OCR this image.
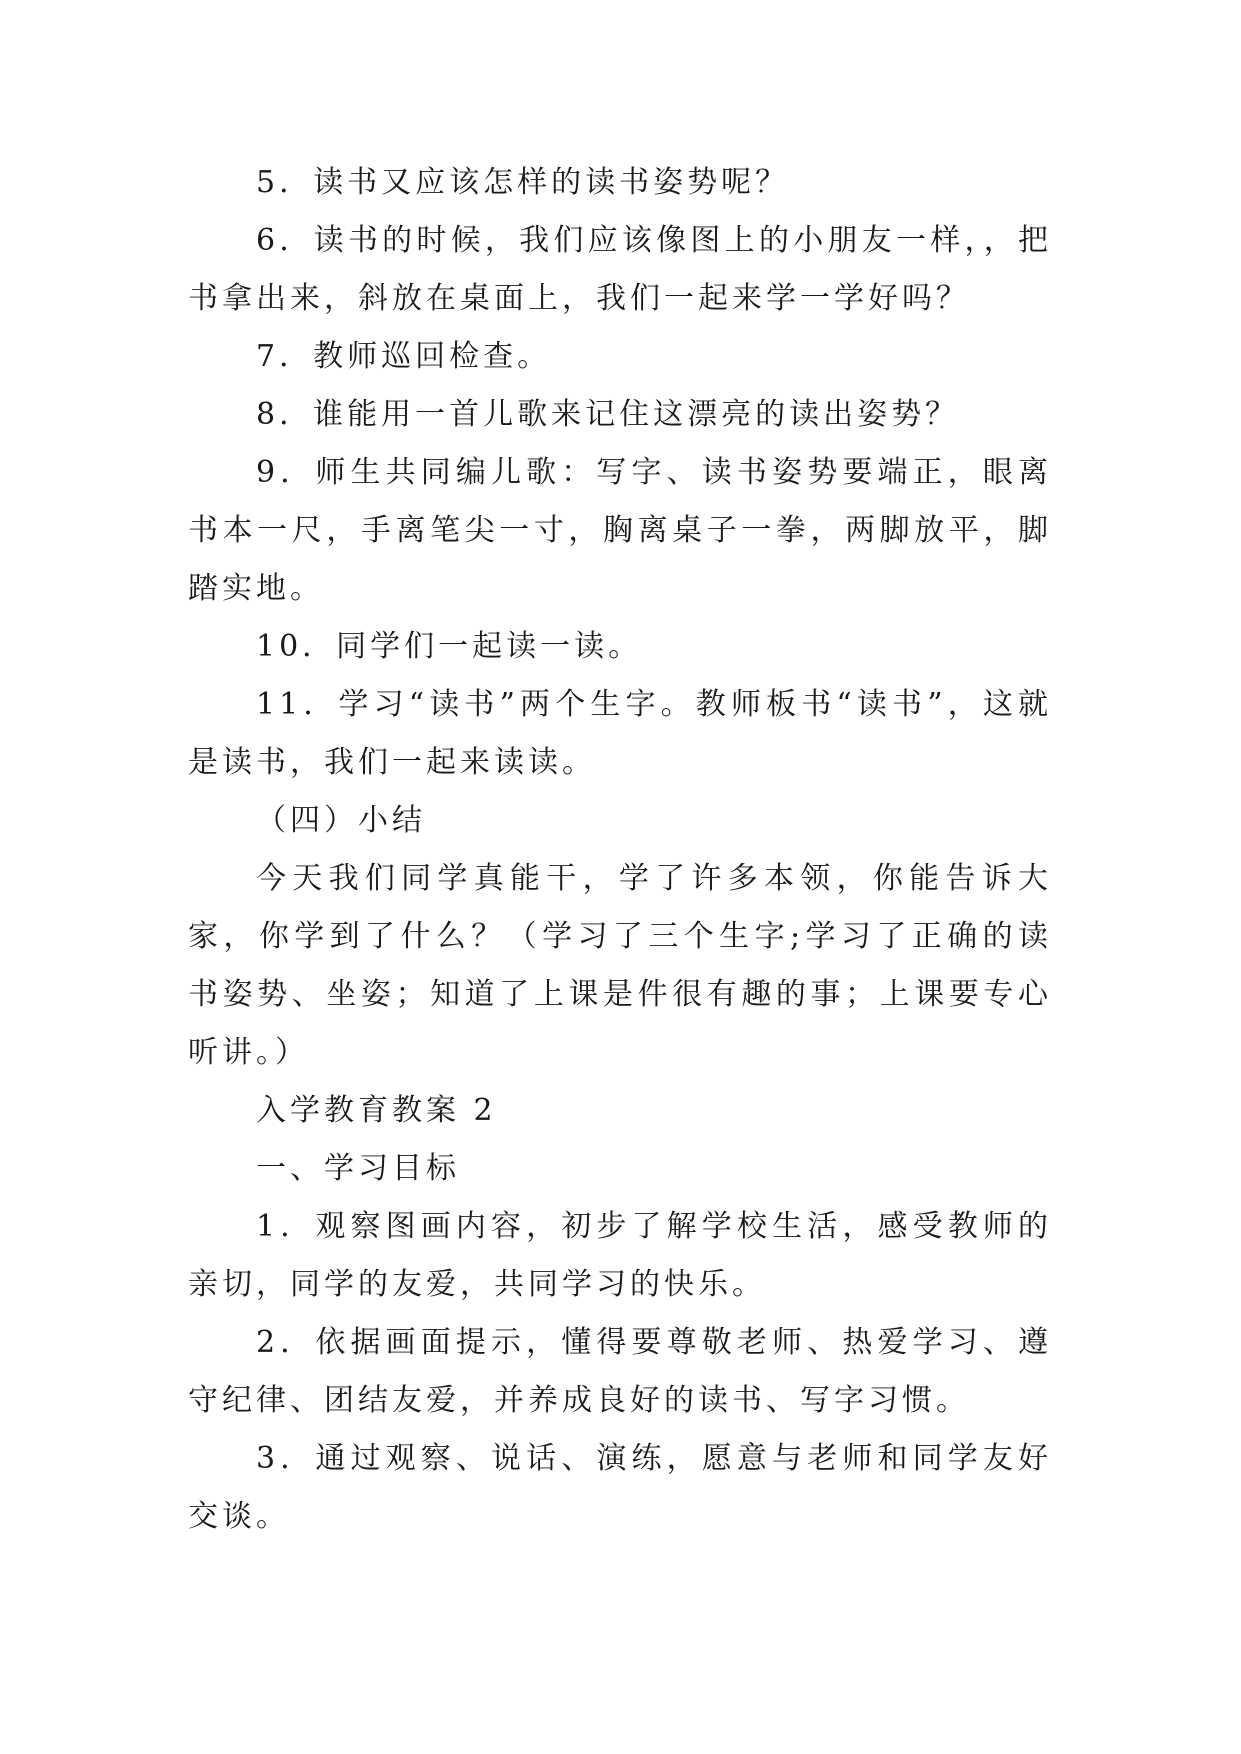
5．读书又应该怎样的读书姿势呢？

6．读书的时候，我们应该像图上的小朋友一样，，把书拿出来，斜放在桌面上，我们一起来学一学好吗？

7．教师巡回检查。

8．谁能用一首儿歌来记住这漂亮的读出姿势？

9．师生共同编儿歌：写字、读书姿势要端正，眼离书本一尺，手离笔尖一寸，胸离桌子一拳，两脚放平，脚踏实地。

10．同学们一起读一读。

11．学习“读书”两个生字。教师板书“读书”，这就是读书，我们一起来读读。

（四）小结

今天我们同学真能干，学了许多本领，你能告诉大家，你学到了什么？（学习了三个生字;学习了正确的读书姿势、坐姿；知道了上课是件很有趣的事；上课要专心听讲。）

入学教育教案 2

一、学习目标

1．观察图画内容，初步了解学校生活，感受教师的亲切，同学的友爱，共同学习的快乐。

2．依据画面提示，懂得要尊敬老师、热爱学习、遵守纪律、团结友爱，并养成良好的读书、写字习惯。

3．通过观察、说话、演练，愿意与老师和同学友好交谈。
